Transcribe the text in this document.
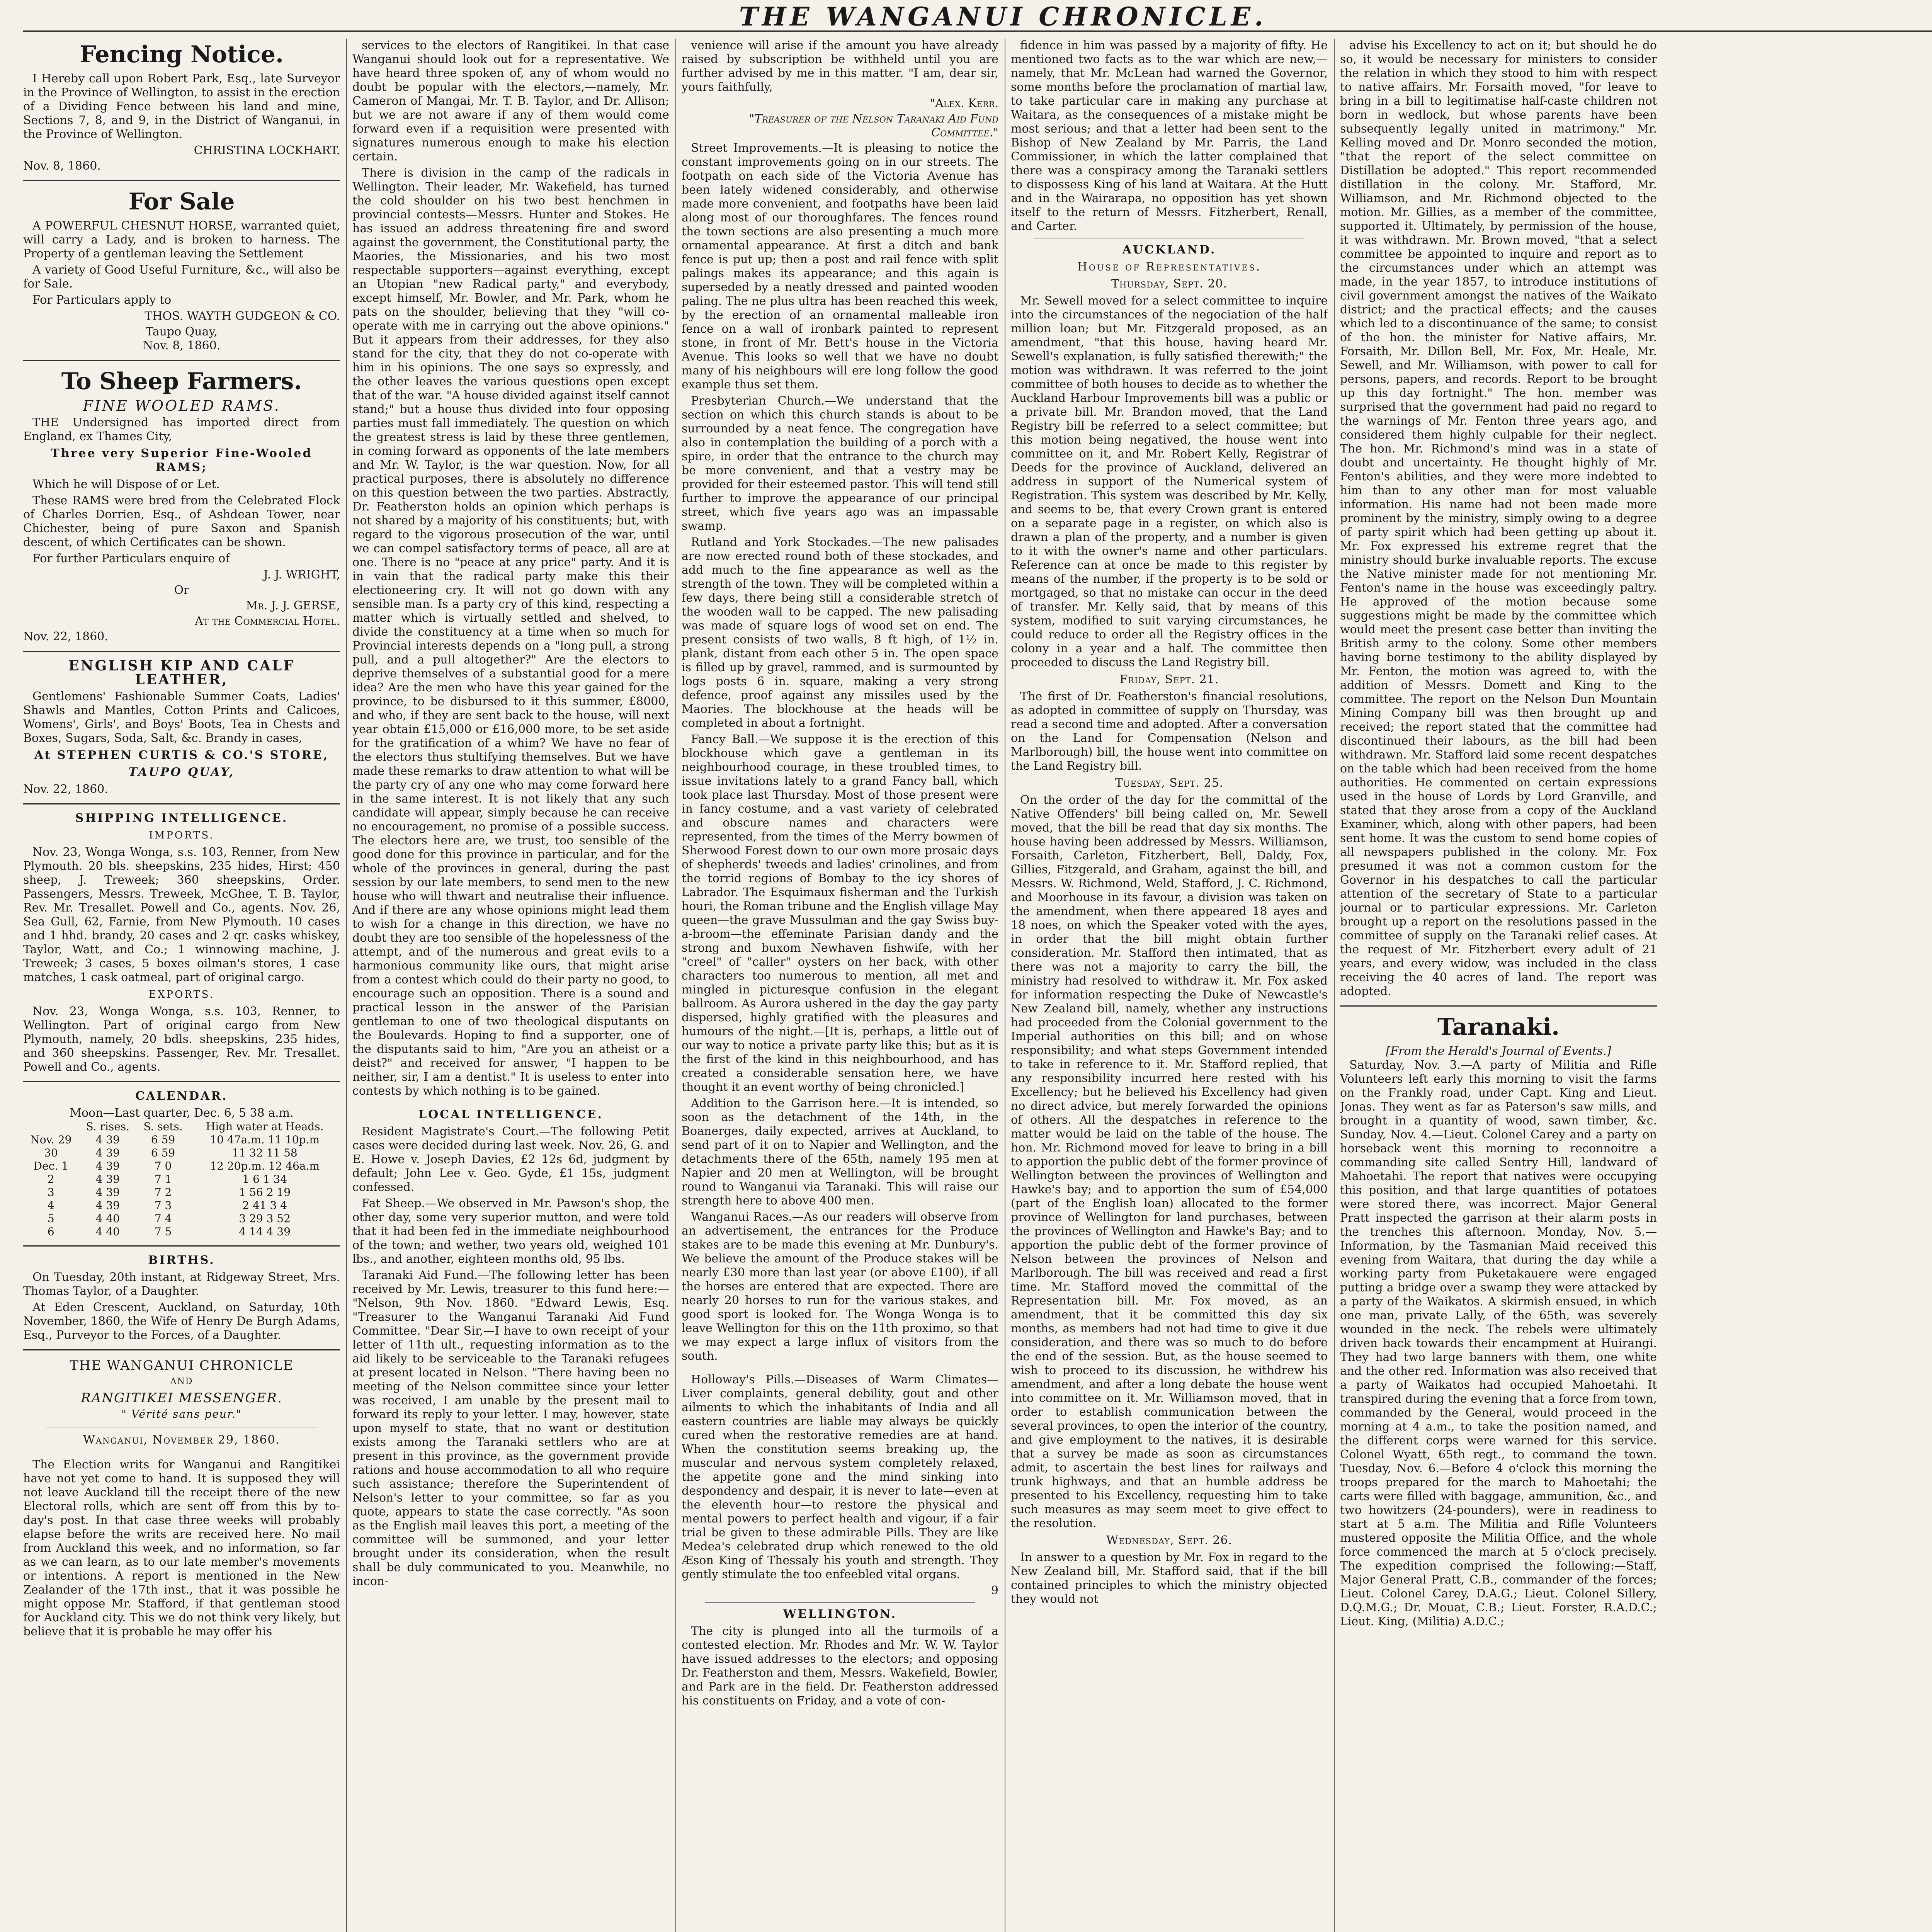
THE WANGANUI CHRONICLE.
Fencing Notice.

I Hereby call upon Robert Park, Esq., late Surveyor in the Province of Wellington, to assist in the erection of a Dividing Fence between his land and mine, Sections 7, 8, and 9, in the District of Wanganui, in the Province of Wellington.

CHRISTINA LOCKHART.
Nov. 8, 1860.
For Sale

A POWERFUL CHESNUT HORSE, warranted quiet, will carry a Lady, and is broken to harness. The Property of a gentleman leaving the Settlement

A variety of Good Useful Furniture, &c., will also be for Sale.

For Particulars apply to

THOS. WAYTH GUDGEON & CO.
Taupo Quay,
Nov. 8, 1860.
To Sheep Farmers.
FINE WOOLED RAMS.

THE Undersigned has imported direct from England, ex Thames City,

Three very Superior Fine-Wooled RAMS;

Which he will Dispose of or Let.

These RAMS were bred from the Celebrated Flock of Charles Dorrien, Esq., of Ashdean Tower, near Chichester, being of pure Saxon and Spanish descent, of which Certificates can be shown.

For further Particulars enquire of

J. J. WRIGHT,
Or
Mr. J. J. GERSE,
At the Commercial Hotel.
Nov. 22, 1860.
ENGLISH KIP AND CALF LEATHER,

Gentlemens' Fashionable Summer Coats, Ladies' Shawls and Mantles, Cotton Prints and Calicoes, Womens', Girls', and Boys' Boots, Tea in Chests and Boxes, Sugars, Soda, Salt, &c. Brandy in cases,

At STEPHEN CURTIS & CO.'S STORE,
TAUPO QUAY,
Nov. 22, 1860.
SHIPPING INTELLIGENCE.
IMPORTS.

Nov. 23, Wonga Wonga, s.s. 103, Renner, from New Plymouth. 20 bls. sheepskins, 235 hides, Hirst; 450 sheep, J. Treweek; 360 sheepskins, Order. Passengers, Messrs. Treweek, McGhee, T. B. Taylor, Rev. Mr. Tresallet. Powell and Co., agents. Nov. 26, Sea Gull, 62, Farnie, from New Plymouth. 10 cases and 1 hhd. brandy, 20 cases and 2 qr. casks whiskey, Taylor, Watt, and Co.; 1 winnowing machine, J. Treweek; 3 cases, 5 boxes oilman's stores, 1 case matches, 1 cask oatmeal, part of original cargo.

EXPORTS.

Nov. 23, Wonga Wonga, s.s. 103, Renner, to Wellington. Part of original cargo from New Plymouth, namely, 20 bdls. sheepskins, 235 hides, and 360 sheepskins. Passenger, Rev. Mr. Tresallet. Powell and Co., agents.

CALENDAR.
Moon—Last quarter, Dec. 6, 5 38 a.m.
	S. rises.	S. sets.	High water at Heads.
Nov. 29	4 39	6 59	10 47a.m. 11 10p.m
30	4 39	6 59	11 32 11 58
Dec. 1	4 39	7 0	12 20p.m. 12 46a.m
2	4 39	7 1	1 6 1 34
3	4 39	7 2	1 56 2 19
4	4 39	7 3	2 41 3 4
5	4 40	7 4	3 29 3 52
6	4 40	7 5	4 14 4 39
BIRTHS.

On Tuesday, 20th instant, at Ridgeway Street, Mrs. Thomas Taylor, of a Daughter.

At Eden Crescent, Auckland, on Saturday, 10th November, 1860, the Wife of Henry De Burgh Adams, Esq., Purveyor to the Forces, of a Daughter.

THE WANGANUI CHRONICLE
AND
RANGITIKEI MESSENGER.
" Vérité sans peur."
Wanganui, November 29, 1860.

The Election writs for Wanganui and Rangitikei have not yet come to hand. It is supposed they will not leave Auckland till the receipt there of the new Electoral rolls, which are sent off from this by to-day's post. In that case three weeks will probably elapse before the writs are received here. No mail from Auckland this week, and no information, so far as we can learn, as to our late member's movements or intentions. A report is mentioned in the New Zealander of the 17th inst., that it was possible he might oppose Mr. Stafford, if that gentleman stood for Auckland city. This we do not think very likely, but believe that it is probable he may offer his

services to the electors of Rangitikei. In that case Wanganui should look out for a representative. We have heard three spoken of, any of whom would no doubt be popular with the electors,—namely, Mr. Cameron of Mangai, Mr. T. B. Taylor, and Dr. Allison; but we are not aware if any of them would come forward even if a requisition were presented with signatures numerous enough to make his election certain.

There is division in the camp of the radicals in Wellington. Their leader, Mr. Wakefield, has turned the cold shoulder on his two best henchmen in provincial contests—Messrs. Hunter and Stokes. He has issued an address threatening fire and sword against the government, the Constitutional party, the Maories, the Missionaries, and his two most respectable supporters—against everything, except an Utopian "new Radical party," and everybody, except himself, Mr. Bowler, and Mr. Park, whom he pats on the shoulder, believing that they "will co-operate with me in carrying out the above opinions." But it appears from their addresses, for they also stand for the city, that they do not co-operate with him in his opinions. The one says so expressly, and the other leaves the various questions open except that of the war. "A house divided against itself cannot stand;" but a house thus divided into four opposing parties must fall immediately. The question on which the greatest stress is laid by these three gentlemen, in coming forward as opponents of the late members and Mr. W. Taylor, is the war question. Now, for all practical purposes, there is absolutely no difference on this question between the two parties. Abstractly, Dr. Featherston holds an opinion which perhaps is not shared by a majority of his constituents; but, with regard to the vigorous prosecution of the war, until we can compel satisfactory terms of peace, all are at one. There is no "peace at any price" party. And it is in vain that the radical party make this their electioneering cry. It will not go down with any sensible man. Is a party cry of this kind, respecting a matter which is virtually settled and shelved, to divide the constituency at a time when so much for Provincial interests depends on a "long pull, a strong pull, and a pull altogether?" Are the electors to deprive themselves of a substantial good for a mere idea? Are the men who have this year gained for the province, to be disbursed to it this summer, £8000, and who, if they are sent back to the house, will next year obtain £15,000 or £16,000 more, to be set aside for the gratification of a whim? We have no fear of the electors thus stultifying themselves. But we have made these remarks to draw attention to what will be the party cry of any one who may come forward here in the same interest. It is not likely that any such candidate will appear, simply because he can receive no encouragement, no promise of a possible success. The electors here are, we trust, too sensible of the good done for this province in particular, and for the whole of the provinces in general, during the past session by our late members, to send men to the new house who will thwart and neutralise their influence. And if there are any whose opinions might lead them to wish for a change in this direction, we have no doubt they are too sensible of the hopelessness of the attempt, and of the numerous and great evils to a harmonious community like ours, that might arise from a contest which could do their party no good, to encourage such an opposition. There is a sound and practical lesson in the answer of the Parisian gentleman to one of two theological disputants on the Boulevards. Hoping to find a supporter, one of the disputants said to him, "Are you an atheist or a deist?" and received for answer, "I happen to be neither, sir, I am a dentist." It is useless to enter into contests by which nothing is to be gained.

LOCAL INTELLIGENCE.

Resident Magistrate's Court.—The following Petit cases were decided during last week. Nov. 26, G. and E. Howe v. Joseph Davies, £2 12s 6d, judgment by default; John Lee v. Geo. Gyde, £1 15s, judgment confessed.

Fat Sheep.—We observed in Mr. Pawson's shop, the other day, some very superior mutton, and were told that it had been fed in the immediate neighbourhood of the town; and wether, two years old, weighed 101 lbs., and another, eighteen months old, 95 lbs.

Taranaki Aid Fund.—The following letter has been received by Mr. Lewis, treasurer to this fund here:— "Nelson, 9th Nov. 1860. "Edward Lewis, Esq. "Treasurer to the Wanganui Taranaki Aid Fund Committee. "Dear Sir,—I have to own receipt of your letter of 11th ult., requesting information as to the aid likely to be serviceable to the Taranaki refugees at present located in Nelson. "There having been no meeting of the Nelson committee since your letter was received, I am unable by the present mail to forward its reply to your letter. I may, however, state upon myself to state, that no want or destitution exists among the Taranaki settlers who are at present in this province, as the government provide rations and house accommodation to all who require such assistance; therefore the Superintendent of Nelson's letter to your committee, so far as you quote, appears to state the case correctly. "As soon as the English mail leaves this port, a meeting of the committee will be summoned, and your letter brought under its consideration, when the result shall be duly communicated to you. Meanwhile, no incon-

venience will arise if the amount you have already raised by subscription be withheld until you are further advised by me in this matter. "I am, dear sir, yours faithfully,

"Alex. Kerr.
"Treasurer of the Nelson Taranaki Aid Fund Committee."

Street Improvements.—It is pleasing to notice the constant improvements going on in our streets. The footpath on each side of the Victoria Avenue has been lately widened considerably, and otherwise made more convenient, and footpaths have been laid along most of our thoroughfares. The fences round the town sections are also presenting a much more ornamental appearance. At first a ditch and bank fence is put up; then a post and rail fence with split palings makes its appearance; and this again is superseded by a neatly dressed and painted wooden paling. The ne plus ultra has been reached this week, by the erection of an ornamental malleable iron fence on a wall of ironbark painted to represent stone, in front of Mr. Bett's house in the Victoria Avenue. This looks so well that we have no doubt many of his neighbours will ere long follow the good example thus set them.

Presbyterian Church.—We understand that the section on which this church stands is about to be surrounded by a neat fence. The congregation have also in contemplation the building of a porch with a spire, in order that the entrance to the church may be more convenient, and that a vestry may be provided for their esteemed pastor. This will tend still further to improve the appearance of our principal street, which five years ago was an impassable swamp.

Rutland and York Stockades.—The new palisades are now erected round both of these stockades, and add much to the fine appearance as well as the strength of the town. They will be completed within a few days, there being still a considerable stretch of the wooden wall to be capped. The new palisading was made of square logs of wood set on end. The present consists of two walls, 8 ft high, of 1½ in. plank, distant from each other 5 in. The open space is filled up by gravel, rammed, and is surmounted by logs posts 6 in. square, making a very strong defence, proof against any missiles used by the Maories. The blockhouse at the heads will be completed in about a fortnight.

Fancy Ball.—We suppose it is the erection of this blockhouse which gave a gentleman in its neighbourhood courage, in these troubled times, to issue invitations lately to a grand Fancy ball, which took place last Thursday. Most of those present were in fancy costume, and a vast variety of celebrated and obscure names and characters were represented, from the times of the Merry bowmen of Sherwood Forest down to our own more prosaic days of shepherds' tweeds and ladies' crinolines, and from the torrid regions of Bombay to the icy shores of Labrador. The Esquimaux fisherman and the Turkish houri, the Roman tribune and the English village May queen—the grave Mussulman and the gay Swiss buy-a-broom—the effeminate Parisian dandy and the strong and buxom Newhaven fishwife, with her "creel" of "caller" oysters on her back, with other characters too numerous to mention, all met and mingled in picturesque confusion in the elegant ballroom. As Aurora ushered in the day the gay party dispersed, highly gratified with the pleasures and humours of the night.—[It is, perhaps, a little out of our way to notice a private party like this; but as it is the first of the kind in this neighbourhood, and has created a considerable sensation here, we have thought it an event worthy of being chronicled.]

Addition to the Garrison here.—It is intended, so soon as the detachment of the 14th, in the Boanerges, daily expected, arrives at Auckland, to send part of it on to Napier and Wellington, and the detachments there of the 65th, namely 195 men at Napier and 20 men at Wellington, will be brought round to Wanganui via Taranaki. This will raise our strength here to above 400 men.

Wanganui Races.—As our readers will observe from an advertisement, the entrances for the Produce stakes are to be made this evening at Mr. Dunbury's. We believe the amount of the Produce stakes will be nearly £30 more than last year (or above £100), if all the horses are entered that are expected. There are nearly 20 horses to run for the various stakes, and good sport is looked for. The Wonga Wonga is to leave Wellington for this on the 11th proximo, so that we may expect a large influx of visitors from the south.

Holloway's Pills.—Diseases of Warm Climates—Liver complaints, general debility, gout and other ailments to which the inhabitants of India and all eastern countries are liable may always be quickly cured when the restorative remedies are at hand. When the constitution seems breaking up, the muscular and nervous system completely relaxed, the appetite gone and the mind sinking into despondency and despair, it is never to late—even at the eleventh hour—to restore the physical and mental powers to perfect health and vigour, if a fair trial be given to these admirable Pills. They are like Medea's celebrated drup which renewed to the old Æson King of Thessaly his youth and strength. They gently stimulate the too enfeebled vital organs.

9
WELLINGTON.

The city is plunged into all the turmoils of a contested election. Mr. Rhodes and Mr. W. W. Taylor have issued addresses to the electors; and opposing Dr. Featherston and them, Messrs. Wakefield, Bowler, and Park are in the field. Dr. Featherston addressed his constituents on Friday, and a vote of con-

fidence in him was passed by a majority of fifty. He mentioned two facts as to the war which are new,—namely, that Mr. McLean had warned the Governor, some months before the proclamation of martial law, to take particular care in making any purchase at Waitara, as the consequences of a mistake might be most serious; and that a letter had been sent to the Bishop of New Zealand by Mr. Parris, the Land Commissioner, in which the latter complained that there was a conspiracy among the Taranaki settlers to dispossess King of his land at Waitara. At the Hutt and in the Wairarapa, no opposition has yet shown itself to the return of Messrs. Fitzherbert, Renall, and Carter.

AUCKLAND.
House of Representatives.
Thursday, Sept. 20.

Mr. Sewell moved for a select committee to inquire into the circumstances of the negociation of the half million loan; but Mr. Fitzgerald proposed, as an amendment, "that this house, having heard Mr. Sewell's explanation, is fully satisfied therewith;" the motion was withdrawn. It was referred to the joint committee of both houses to decide as to whether the Auckland Harbour Improvements bill was a public or a private bill. Mr. Brandon moved, that the Land Registry bill be referred to a select committee; but this motion being negatived, the house went into committee on it, and Mr. Robert Kelly, Registrar of Deeds for the province of Auckland, delivered an address in support of the Numerical system of Registration. This system was described by Mr. Kelly, and seems to be, that every Crown grant is entered on a separate page in a register, on which also is drawn a plan of the property, and a number is given to it with the owner's name and other particulars. Reference can at once be made to this register by means of the number, if the property is to be sold or mortgaged, so that no mistake can occur in the deed of transfer. Mr. Kelly said, that by means of this system, modified to suit varying circumstances, he could reduce to order all the Registry offices in the colony in a year and a half. The committee then proceeded to discuss the Land Registry bill.

Friday, Sept. 21.

The first of Dr. Featherston's financial resolutions, as adopted in committee of supply on Thursday, was read a second time and adopted. After a conversation on the Land for Compensation (Nelson and Marlborough) bill, the house went into committee on the Land Registry bill.

Tuesday, Sept. 25.

On the order of the day for the committal of the Native Offenders' bill being called on, Mr. Sewell moved, that the bill be read that day six months. The house having been addressed by Messrs. Williamson, Forsaith, Carleton, Fitzherbert, Bell, Daldy, Fox, Gillies, Fitzgerald, and Graham, against the bill, and Messrs. W. Richmond, Weld, Stafford, J. C. Richmond, and Moorhouse in its favour, a division was taken on the amendment, when there appeared 18 ayes and 18 noes, on which the Speaker voted with the ayes, in order that the bill might obtain further consideration. Mr. Stafford then intimated, that as there was not a majority to carry the bill, the ministry had resolved to withdraw it. Mr. Fox asked for information respecting the Duke of Newcastle's New Zealand bill, namely, whether any instructions had proceeded from the Colonial government to the Imperial authorities on this bill; and on whose responsibility; and what steps Government intended to take in reference to it. Mr. Stafford replied, that any responsibility incurred here rested with his Excellency; but he believed his Excellency had given no direct advice, but merely forwarded the opinions of others. All the despatches in reference to the matter would be laid on the table of the house. The hon. Mr. Richmond moved for leave to bring in a bill to apportion the public debt of the former province of Wellington between the provinces of Wellington and Hawke's bay; and to apportion the sum of £54,000 (part of the English loan) allocated to the former province of Wellington for land purchases, between the provinces of Wellington and Hawke's Bay; and to apportion the public debt of the former province of Nelson between the provinces of Nelson and Marlborough. The bill was received and read a first time. Mr. Stafford moved the committal of the Representation bill. Mr. Fox moved, as an amendment, that it be committed this day six months, as members had not had time to give it due consideration, and there was so much to do before the end of the session. But, as the house seemed to wish to proceed to its discussion, he withdrew his amendment, and after a long debate the house went into committee on it. Mr. Williamson moved, that in order to establish communication between the several provinces, to open the interior of the country, and give employment to the natives, it is desirable that a survey be made as soon as circumstances admit, to ascertain the best lines for railways and trunk highways, and that an humble address be presented to his Excellency, requesting him to take such measures as may seem meet to give effect to the resolution.

Wednesday, Sept. 26.

In answer to a question by Mr. Fox in regard to the New Zealand bill, Mr. Stafford said, that if the bill contained principles to which the ministry objected they would not

advise his Excellency to act on it; but should he do so, it would be necessary for ministers to consider the relation in which they stood to him with respect to native affairs. Mr. Forsaith moved, "for leave to bring in a bill to legitimatise half-caste children not born in wedlock, but whose parents have been subsequently legally united in matrimony." Mr. Kelling moved and Dr. Monro seconded the motion, "that the report of the select committee on Distillation be adopted." This report recommended distillation in the colony. Mr. Stafford, Mr. Williamson, and Mr. Richmond objected to the motion. Mr. Gillies, as a member of the committee, supported it. Ultimately, by permission of the house, it was withdrawn. Mr. Brown moved, "that a select committee be appointed to inquire and report as to the circumstances under which an attempt was made, in the year 1857, to introduce institutions of civil government amongst the natives of the Waikato district; and the practical effects; and the causes which led to a discontinuance of the same; to consist of the hon. the minister for Native affairs, Mr. Forsaith, Mr. Dillon Bell, Mr. Fox, Mr. Heale, Mr. Sewell, and Mr. Williamson, with power to call for persons, papers, and records. Report to be brought up this day fortnight." The hon. member was surprised that the government had paid no regard to the warnings of Mr. Fenton three years ago, and considered them highly culpable for their neglect. The hon. Mr. Richmond's mind was in a state of doubt and uncertainty. He thought highly of Mr. Fenton's abilities, and they were more indebted to him than to any other man for most valuable information. His name had not been made more prominent by the ministry, simply owing to a degree of party spirit which had been getting up about it. Mr. Fox expressed his extreme regret that the ministry should burke invaluable reports. The excuse the Native minister made for not mentioning Mr. Fenton's name in the house was exceedingly paltry. He approved of the motion because some suggestions might be made by the committee which would meet the present case better than inviting the British army to the colony. Some other members having borne testimony to the ability displayed by Mr. Fenton, the motion was agreed to, with the addition of Messrs. Domett and King to the committee. The report on the Nelson Dun Mountain Mining Company bill was then brought up and received; the report stated that the committee had discontinued their labours, as the bill had been withdrawn. Mr. Stafford laid some recent despatches on the table which had been received from the home authorities. He commented on certain expressions used in the house of Lords by Lord Granville, and stated that they arose from a copy of the Auckland Examiner, which, along with other papers, had been sent home. It was the custom to send home copies of all newspapers published in the colony. Mr. Fox presumed it was not a common custom for the Governor in his despatches to call the particular attention of the secretary of State to a particular journal or to particular expressions. Mr. Carleton brought up a report on the resolutions passed in the committee of supply on the Taranaki relief cases. At the request of Mr. Fitzherbert every adult of 21 years, and every widow, was included in the class receiving the 40 acres of land. The report was adopted.

Taranaki.
[From the Herald's Journal of Events.]

Saturday, Nov. 3.—A party of Militia and Rifle Volunteers left early this morning to visit the farms on the Frankly road, under Capt. King and Lieut. Jonas. They went as far as Paterson's saw mills, and brought in a quantity of wood, sawn timber, &c. Sunday, Nov. 4.—Lieut. Colonel Carey and a party on horseback went this morning to reconnoitre a commanding site called Sentry Hill, landward of Mahoetahi. The report that natives were occupying this position, and that large quantities of potatoes were stored there, was incorrect. Major General Pratt inspected the garrison at their alarm posts in the trenches this afternoon. Monday, Nov. 5.—Information, by the Tasmanian Maid received this evening from Waitara, that during the day while a working party from Puketakauere were engaged putting a bridge over a swamp they were attacked by a party of the Waikatos. A skirmish ensued, in which one man, private Lally, of the 65th, was severely wounded in the neck. The rebels were ultimately driven back towards their encampment at Huirangi. They had two large banners with them, one white and the other red. Information was also received that a party of Waikatos had occupied Mahoetahi. It transpired during the evening that a force from town, commanded by the General, would proceed in the morning at 4 a.m., to take the position named, and the different corps were warned for this service. Colonel Wyatt, 65th regt., to command the town. Tuesday, Nov. 6.—Before 4 o'clock this morning the troops prepared for the march to Mahoetahi; the carts were filled with baggage, ammunition, &c., and two howitzers (24-pounders), were in readiness to start at 5 a.m. The Militia and Rifle Volunteers mustered opposite the Militia Office, and the whole force commenced the march at 5 o'clock precisely. The expedition comprised the following:—Staff, Major General Pratt, C.B., commander of the forces; Lieut. Colonel Carey, D.A.G.; Lieut. Colonel Sillery, D.Q.M.G.; Dr. Mouat, C.B.; Lieut. Forster, R.A.D.C.; Lieut. King, (Militia) A.D.C.;
